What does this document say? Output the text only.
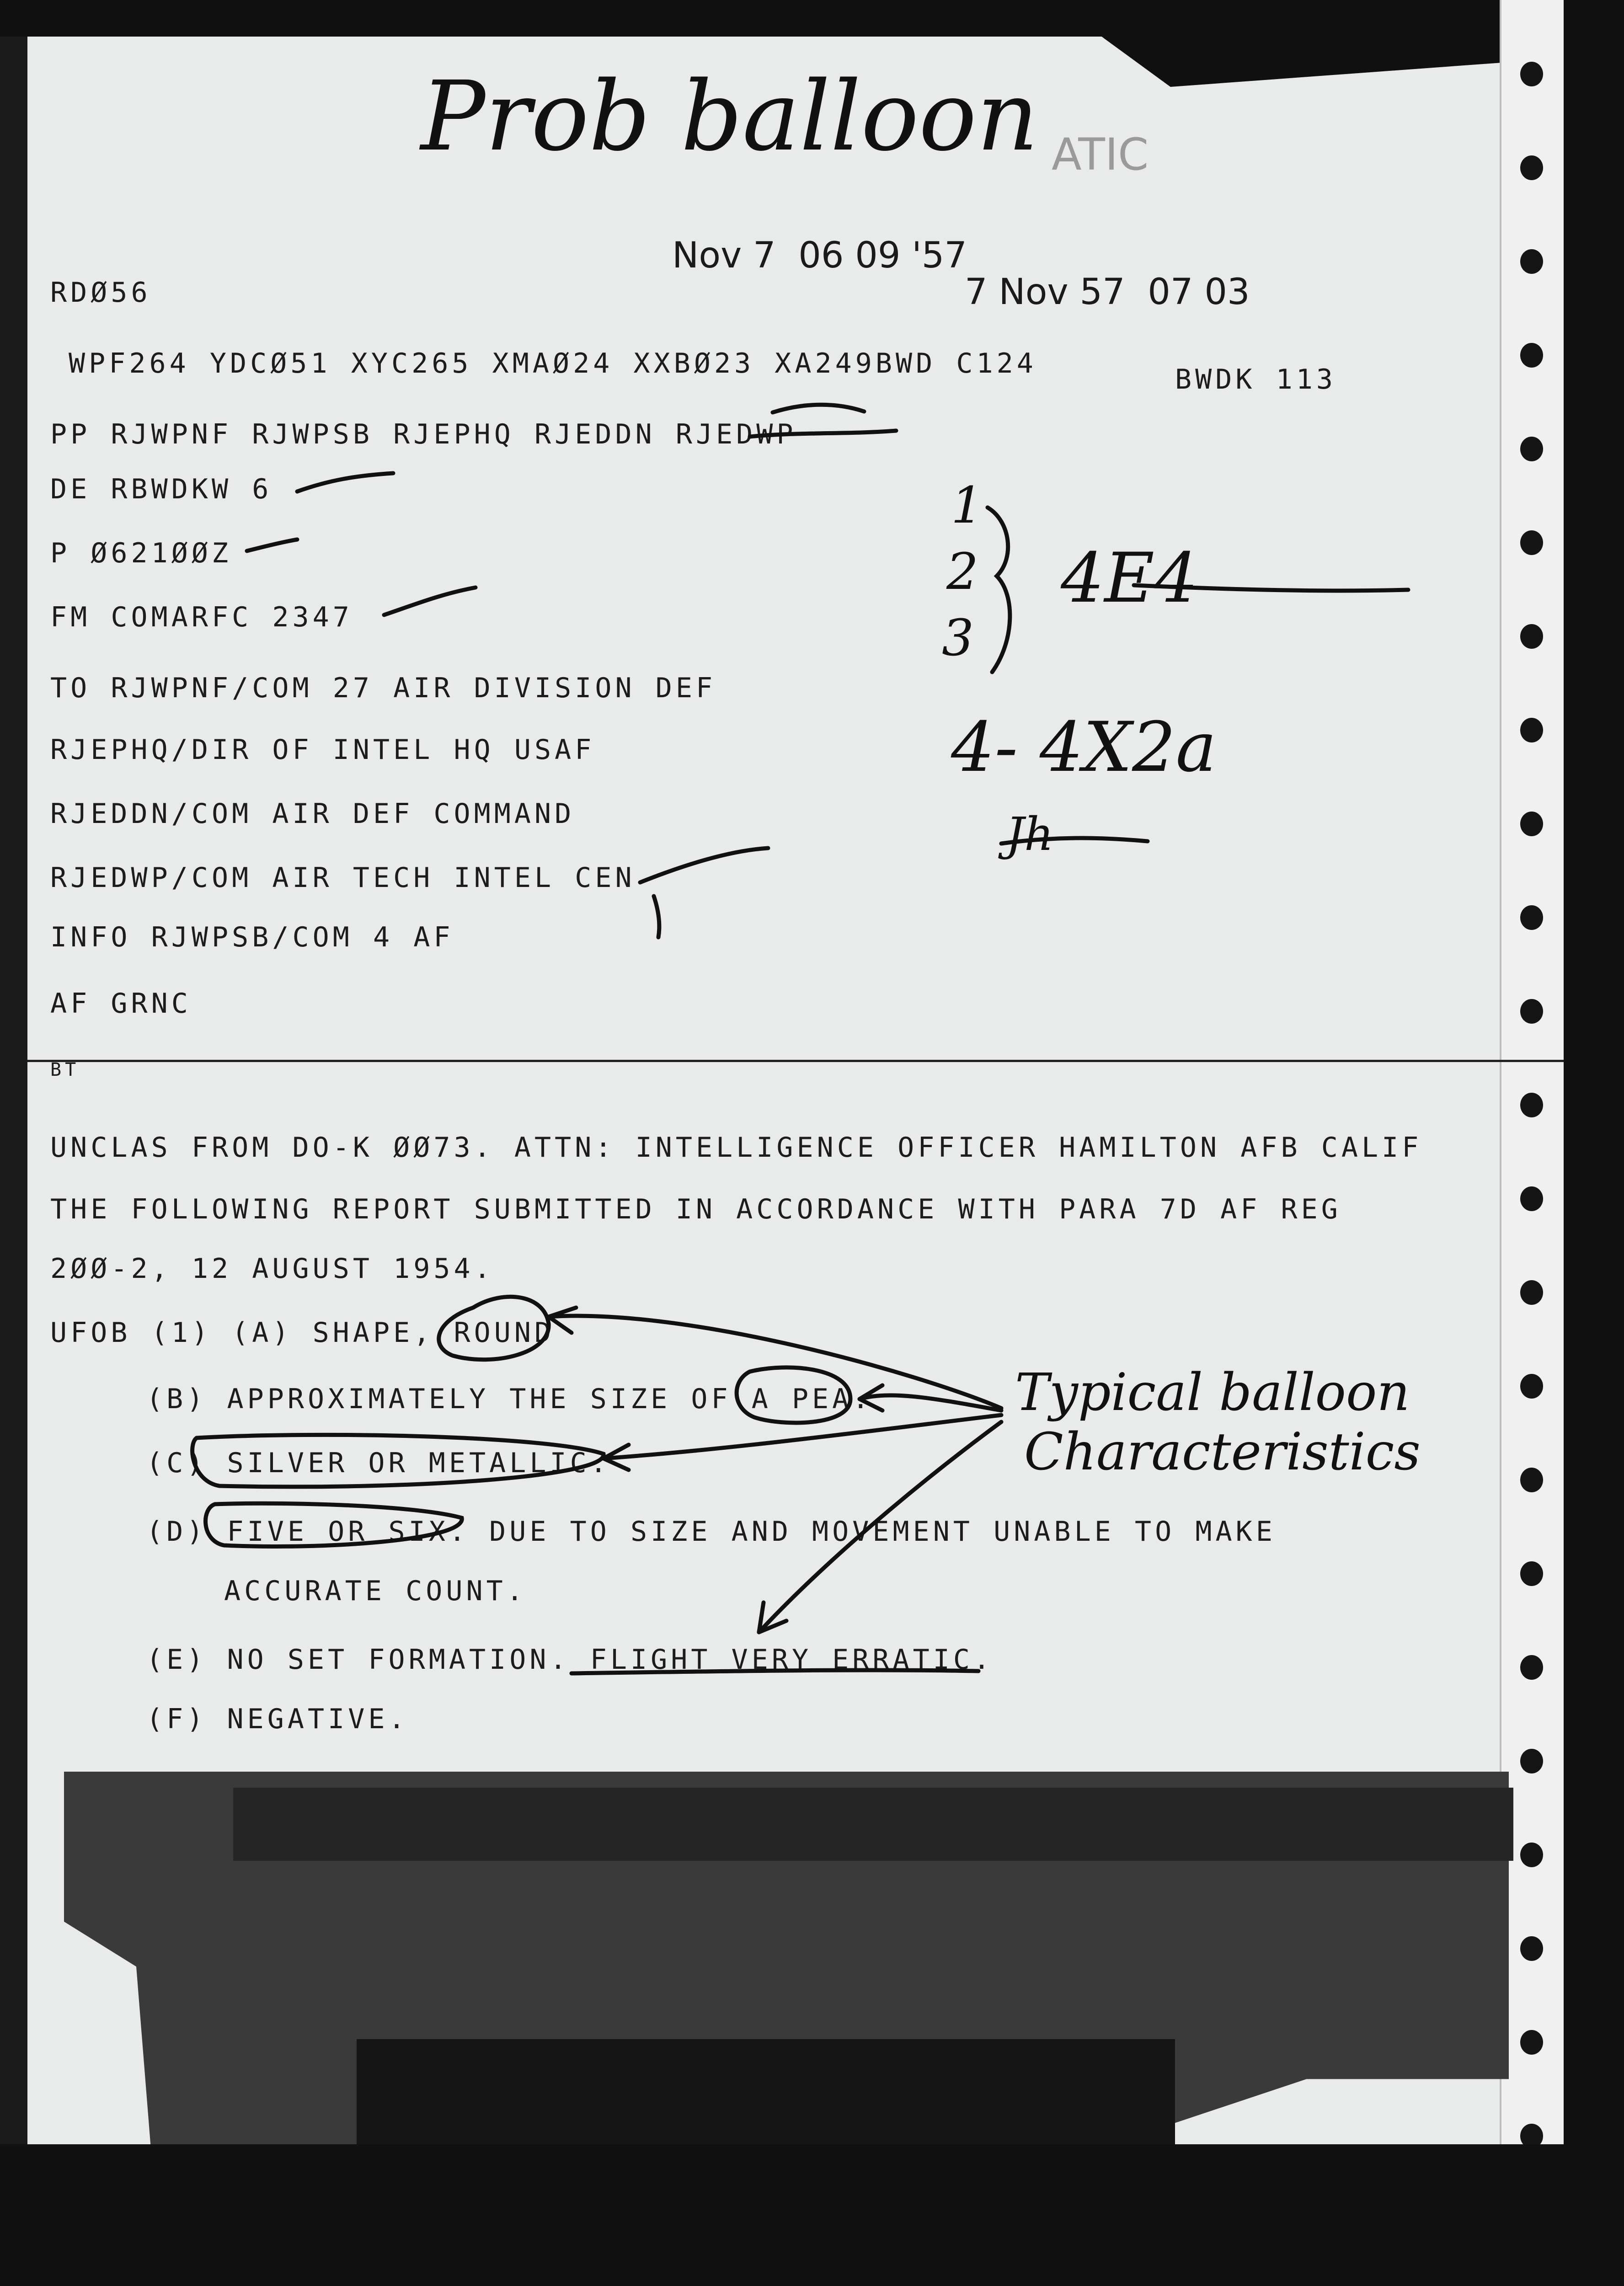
ATIC
Nov 7  06 09 '57
7 Nov 57  07 03
Prob balloon
1
2
3
4E4
4- 4X2a
Jh
Typical balloon
Characteristics
RDØ56
WPF264 YDCØ51 XYC265 XMAØ24 XXBØ23 XA249BWD C124	BWDK 113
PP RJWPNF RJWPSB RJEPHQ RJEDDN RJEDWP
DE RBWDKW 6
P Ø621ØØZ
FM COMARFC 2347
TO RJWPNF/COM 27 AIR DIVISION DEF
RJEPHQ/DIR OF INTEL HQ USAF
RJEDDN/COM AIR DEF COMMAND
RJEDWP/COM AIR TECH INTEL CEN
INFO RJWPSB/COM 4 AF
AF GRNC
BT
UNCLAS FROM DO-K ØØ73. ATTN: INTELLIGENCE OFFICER HAMILTON AFB CALIF
THE FOLLOWING REPORT SUBMITTED IN ACCORDANCE WITH PARA 7D AF REG
2ØØ-2, 12 AUGUST 1954.
UFOB (1) (A) SHAPE, ROUND
(B) APPROXIMATELY THE SIZE OF A PEA.
(C) SILVER OR METALLIC.
(D) FIVE OR SIX. DUE TO SIZE AND MOVEMENT UNABLE TO MAKE
ACCURATE COUNT.
(E) NO SET FORMATION. FLIGHT VERY ERRATIC.
(F) NEGATIVE.
